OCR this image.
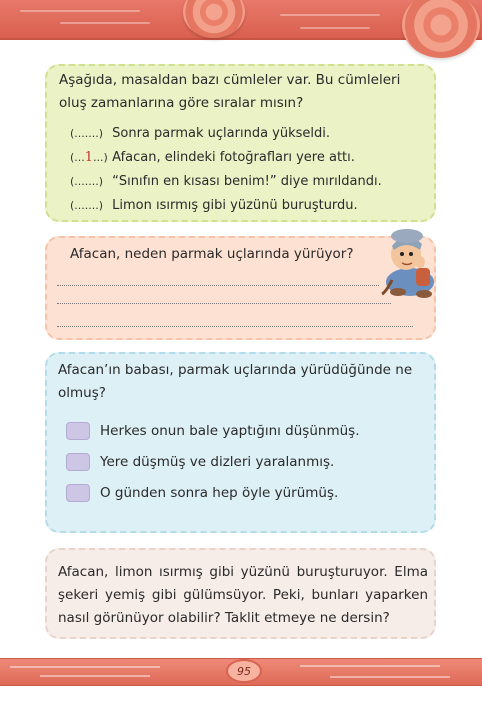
Aşağıda, masaldan bazı cümleler var. Bu cümleleri oluş zamanlarına göre sıralar mısın?
(.......) Sonra parmak uçlarında yükseldi.
(...1...) Afacan, elindeki fotoğrafları yere attı.
(.......) “Sınıfın en kısası benim!” diye mırıldandı.
(.......) Limon ısırmış gibi yüzünü buruşturdu.
Afacan, neden parmak uçlarında yürüyor?
Afacan’ın babası, parmak uçlarında yürüdüğünde ne olmuş?
Herkes onun bale yaptığını düşünmüş.
Yere düşmüş ve dizleri yaralanmış.
O günden sonra hep öyle yürümüş.
Afacan, limon ısırmış gibi yüzünü buruşturuyor. Elma şekeri yemiş gibi gülümsüyor. Peki, bunları yaparken nasıl görünüyor olabilir? Taklit etmeye ne dersin?
95
